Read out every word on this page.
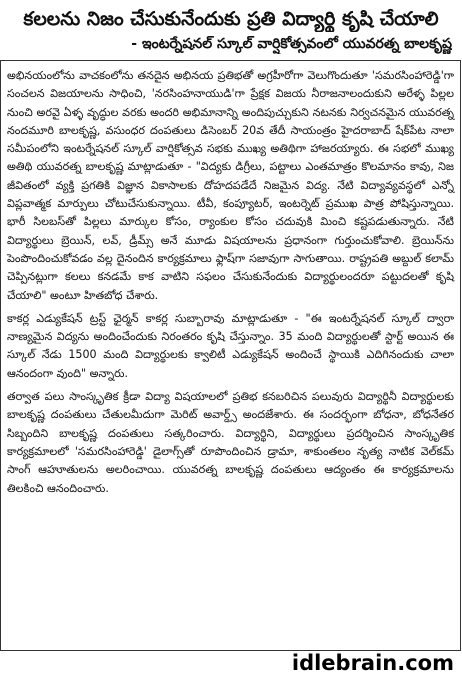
కలలను నిజం చేసుకునేందుకు ప్రతి విద్యార్థి కృషి చేయాలి
- ఇంటర్నేషనల్ స్కూల్ వార్షికోత్సవంలో యువరత్న బాలకృష్ణ

అభినయంలోను వాచకంలోను తనదైన అభినయ ప్రతిభతో అగ్రహీరోగా వెలుగొందుతూ 'సమరసింహారెడ్డి'గా సంచలన విజయాలను సాధించి, 'నరసింహనాయుడి'గా ప్రేక్షక విజయ నీరాజనాలందుకుని అరేళ్ళ పిల్లల నుంచి అరవై ఏళ్ళ వృద్ధుల వరకు అందరి అభిమానాన్ని అందిపుచ్చుకుని నటనకు నిర్వచనమైన యువరత్న నందమూరి బాలకృష్ణ, వసుంధర దంపతులు డిసెంబర్ 20వ తేదీ సాయంత్రం హైదరాబాద్ షేక్‌పేట నాలా సమీపంలోని ఇంటర్నేషనల్ స్కూల్ వార్షికోత్సవ సభకు ముఖ్య అతిథిగా హాజరయ్యారు. ఈ సభలో ముఖ్య అతిథి యువరత్న బాలకృష్ణ మాట్లాడుతూ - "విద్యకు డిగ్రీలు, పట్టాలు ఎంతమాత్రం కొలమానం కావు, నిజ జీవితంలో వ్యక్తి ప్రగతికి విజ్ఞాన వికాసాలకు దోహదపడేదే నిజమైన విద్య. నేటి విద్యావ్యవస్థలో ఎన్నో విప్లవాత్మక మార్పులు చోటుచేసుకున్నాయి. టీవీ, కంప్యూటర్, ఇంటర్నెట్ ప్రముఖ పాత్ర పోషిస్తున్నాయి. భారీ సిలబస్‌తో పిల్లలు మార్కుల కోసం, ర్యాంకుల కోసం చదువుకి మించి కష్టపడుతున్నారు. నేటి విద్యార్థులు బ్రెయిన్, లవ్, డ్రీమ్స్ అనే మూడు విషయాలను ప్రధానంగా గుర్తుంచుకోవాలి. బ్రెయిన్‌ను పెంపొందించుకోవడం వల్ల దైనందిన కార్యక్రమాలు ఫ్లాష్‌గా సజావుగా సాగుతాయి. రాష్ట్రపతి అబ్దుల్ కలామ్ చెప్పినట్లుగా కలలు కనడమే కాక వాటిని సఫలం చేసుకునేందుకు విద్యార్థులందరూ పట్టుదలతో కృషి చేయాలి" అంటూ హితబోధ చేశారు.

కాకర్ల ఎడ్యుకేషన్ ట్రస్ట్ ఛైర్మన్ కాకర్ల సుబ్బారావు మాట్లాడుతూ - "ఈ ఇంటర్నేషనల్ స్కూల్ ద్వారా నాణ్యమైన విద్యను అందించేందుకు నిరంతరం కృషి చేస్తున్నాం. 35 మంది విద్యార్థులతో స్టార్ట్ అయిన ఈ స్కూల్ నేడు 1500 మంది విద్యార్థులకు క్వాలిటీ ఎడ్యుకేషన్ అందించే స్థాయికి ఎదిగినందుకు చాలా ఆనందంగా వుంది" అన్నారు.

తర్వాత పలు సాంస్కృతిక క్రీడా విద్యా విషయాలలో ప్రతిభ కనబరిచిన పలువురు విద్యార్థినీ విద్యార్థులకు బాలకృష్ణ దంపతులు చేతులమీదుగా మెరిట్ అవార్డ్స్ అందజేశారు. ఈ సందర్భంగా బోధనా, బోధనేతర సిబ్బందిని బాలకృష్ణ దంపతులు సత్కరించారు. విద్యార్థిని, విద్యార్థులు ప్రదర్శించిన సాంస్కృతిక కార్యక్రమాలలో 'సమరసింహారెడ్డి' డైలాగ్స్‌తో రూపొందించిన డ్రామా, శాకుంతలం నృత్య నాటిక వెల్‌కమ్ సాంగ్ ఆహూతులను అలరించాయి. యువరత్న బాలకృష్ణ దంపతులు ఆద్యంతం ఈ కార్యక్రమాలను తిలకించి ఆనందించారు.

idlebrain.com
